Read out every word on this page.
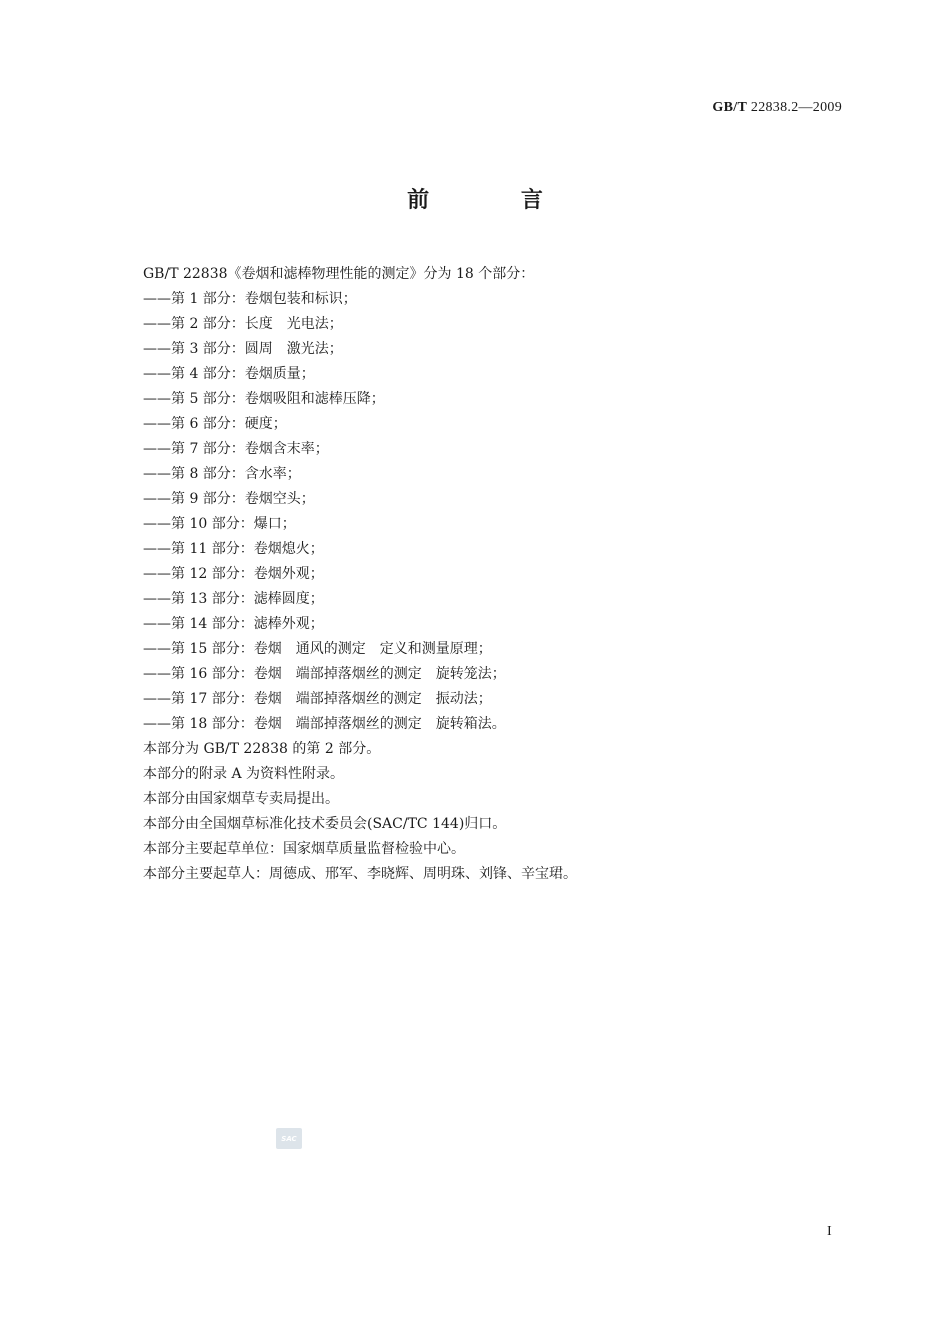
GB/T 22838.2—2009
前 言
GB/T 22838《卷烟和滤棒物理性能的测定》分为 18 个部分：
——第 1 部分：卷烟包装和标识；
——第 2 部分：长度　光电法；
——第 3 部分：圆周　激光法；
——第 4 部分：卷烟质量；
——第 5 部分：卷烟吸阻和滤棒压降；
——第 6 部分：硬度；
——第 7 部分：卷烟含末率；
——第 8 部分：含水率；
——第 9 部分：卷烟空头；
——第 10 部分：爆口；
——第 11 部分：卷烟熄火；
——第 12 部分：卷烟外观；
——第 13 部分：滤棒圆度；
——第 14 部分：滤棒外观；
——第 15 部分：卷烟　通风的测定　定义和测量原理；
——第 16 部分：卷烟　端部掉落烟丝的测定　旋转笼法；
——第 17 部分：卷烟　端部掉落烟丝的测定　振动法；
——第 18 部分：卷烟　端部掉落烟丝的测定　旋转箱法。
本部分为 GB/T 22838 的第 2 部分。
本部分的附录 A 为资料性附录。
本部分由国家烟草专卖局提出。
本部分由全国烟草标准化技术委员会(SAC/TC 144)归口。
本部分主要起草单位：国家烟草质量监督检验中心。
本部分主要起草人：周德成、邢军、李晓辉、周明珠、刘锋、辛宝珺。
SAC
I
